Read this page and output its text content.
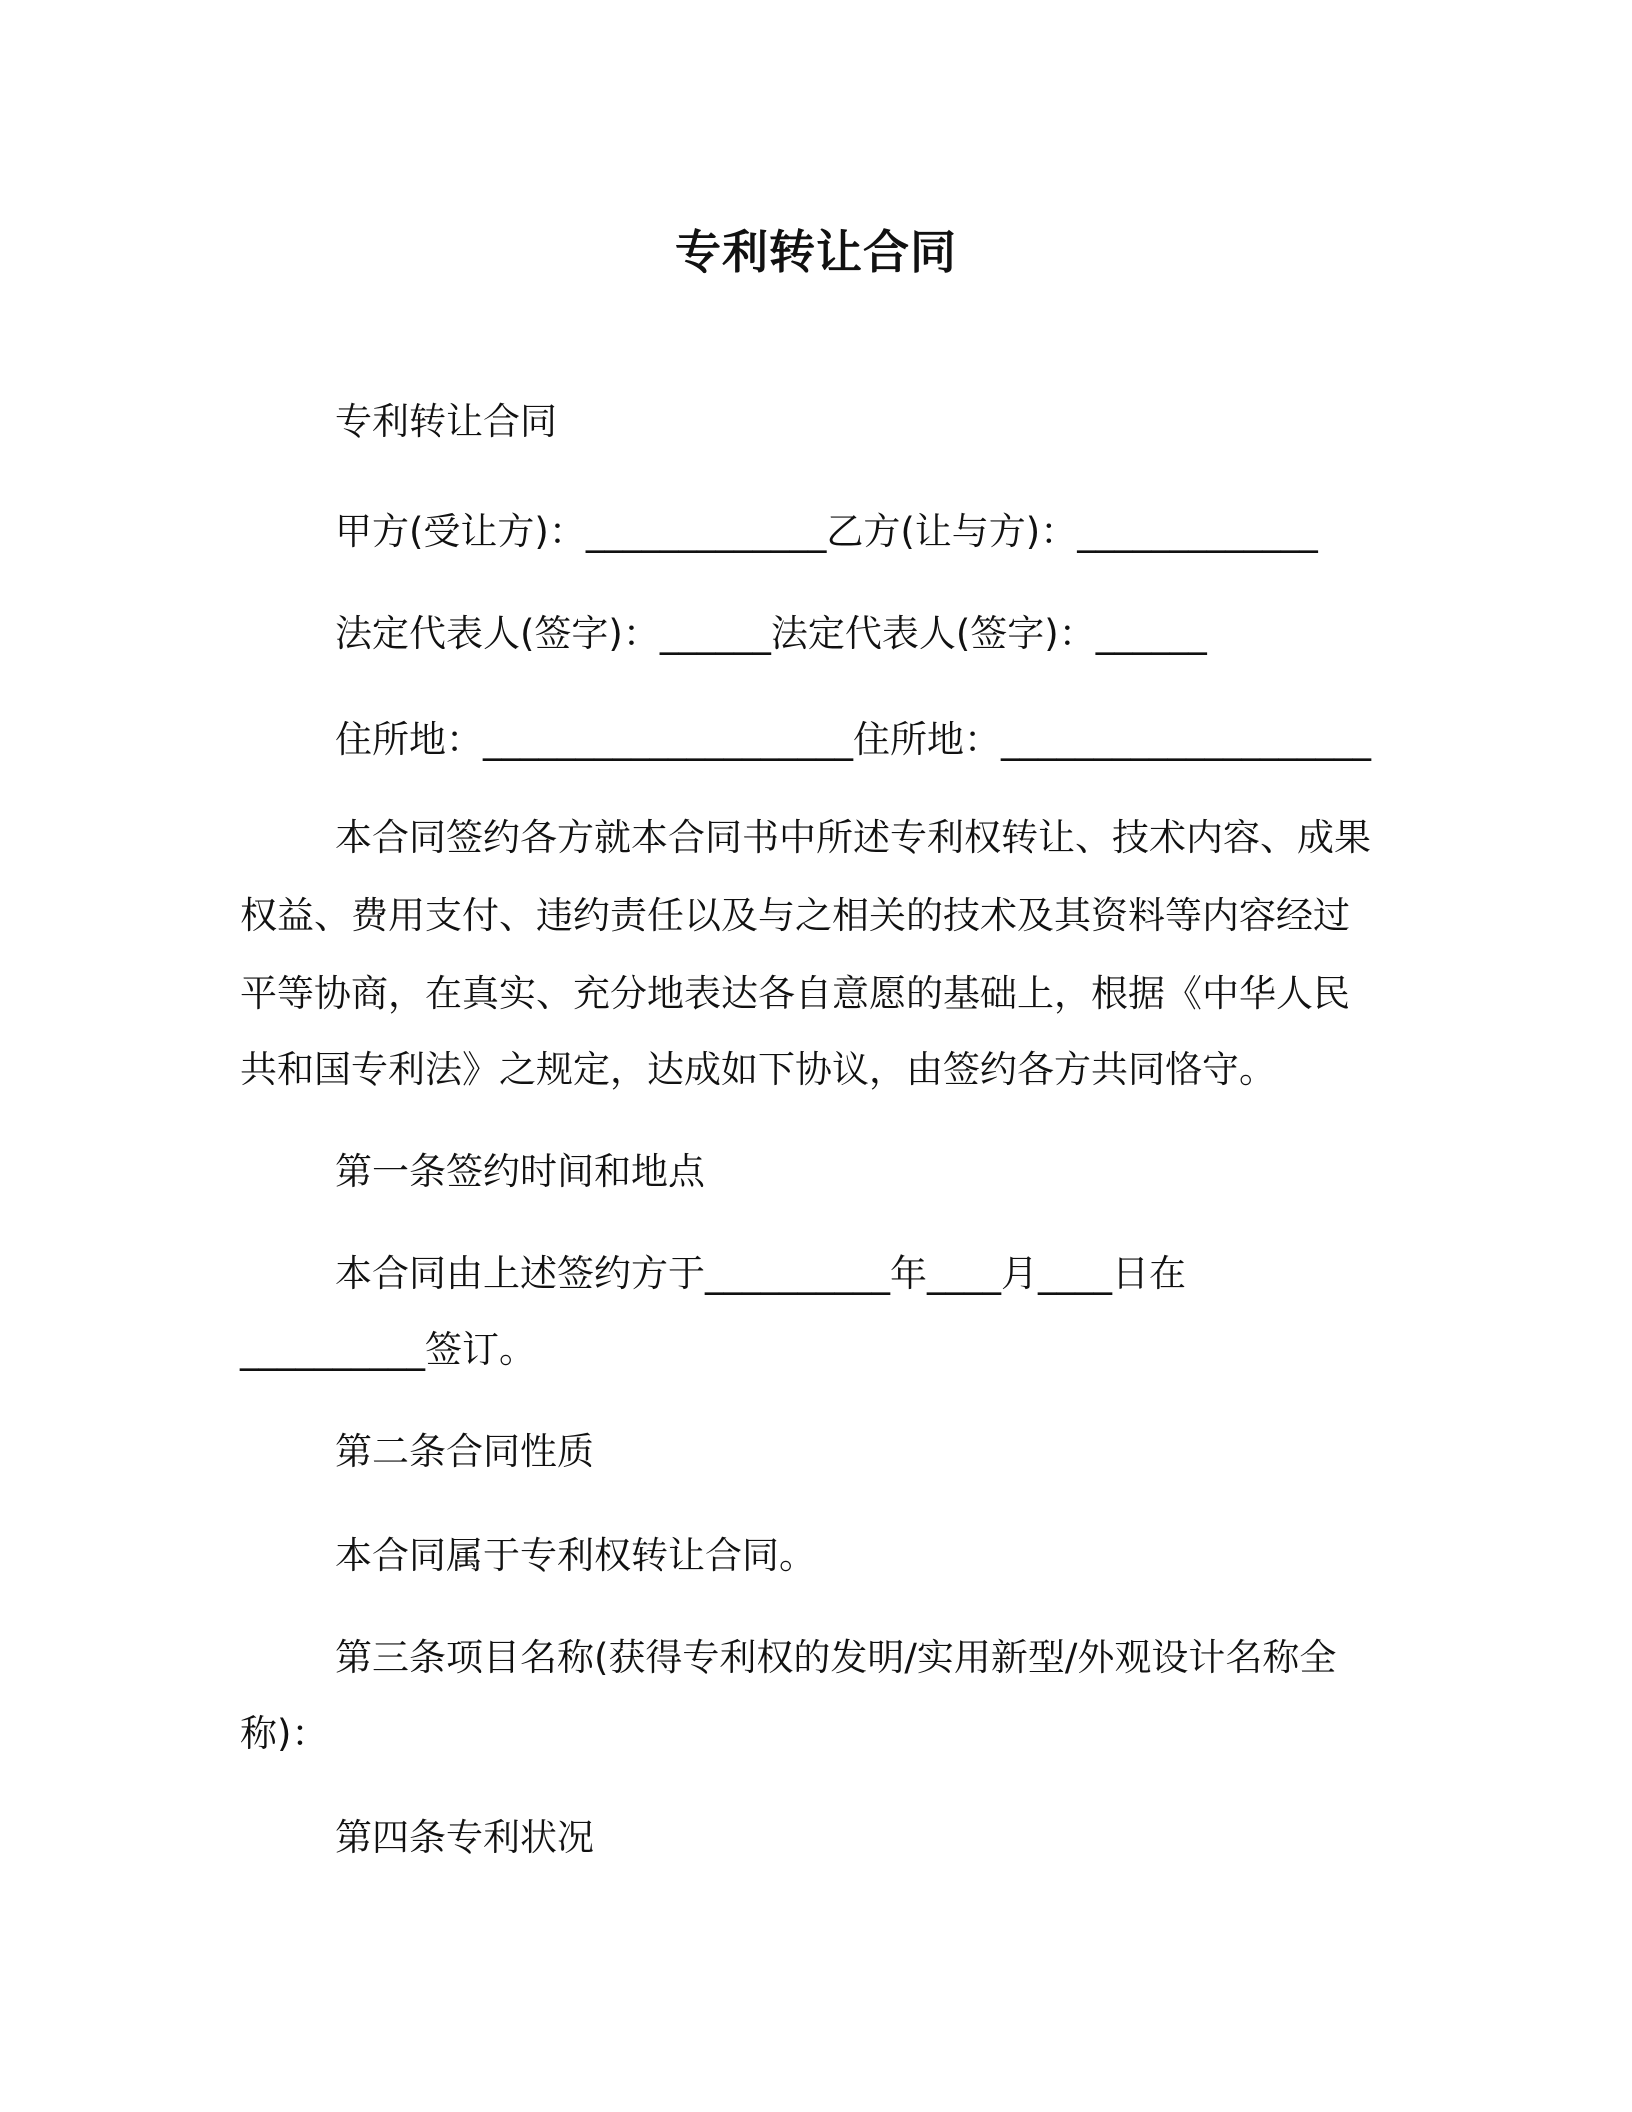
专利转让合同
专利转让合同
甲方(受让方)：_____________乙方(让与方)：_____________
法定代表人(签字)：______法定代表人(签字)：______
住所地：____________________住所地：____________________
本合同签约各方就本合同书中所述专利权转让、技术内容、成果
权益、费用支付、违约责任以及与之相关的技术及其资料等内容经过
平等协商，在真实、充分地表达各自意愿的基础上，根据《中华人民
共和国专利法》之规定，达成如下协议，由签约各方共同恪守。
第一条签约时间和地点
本合同由上述签约方于__________年____月____日在
__________签订。
第二条合同性质
本合同属于专利权转让合同。
第三条项目名称(获得专利权的发明/实用新型/外观设计名称全
称)：
第四条专利状况
